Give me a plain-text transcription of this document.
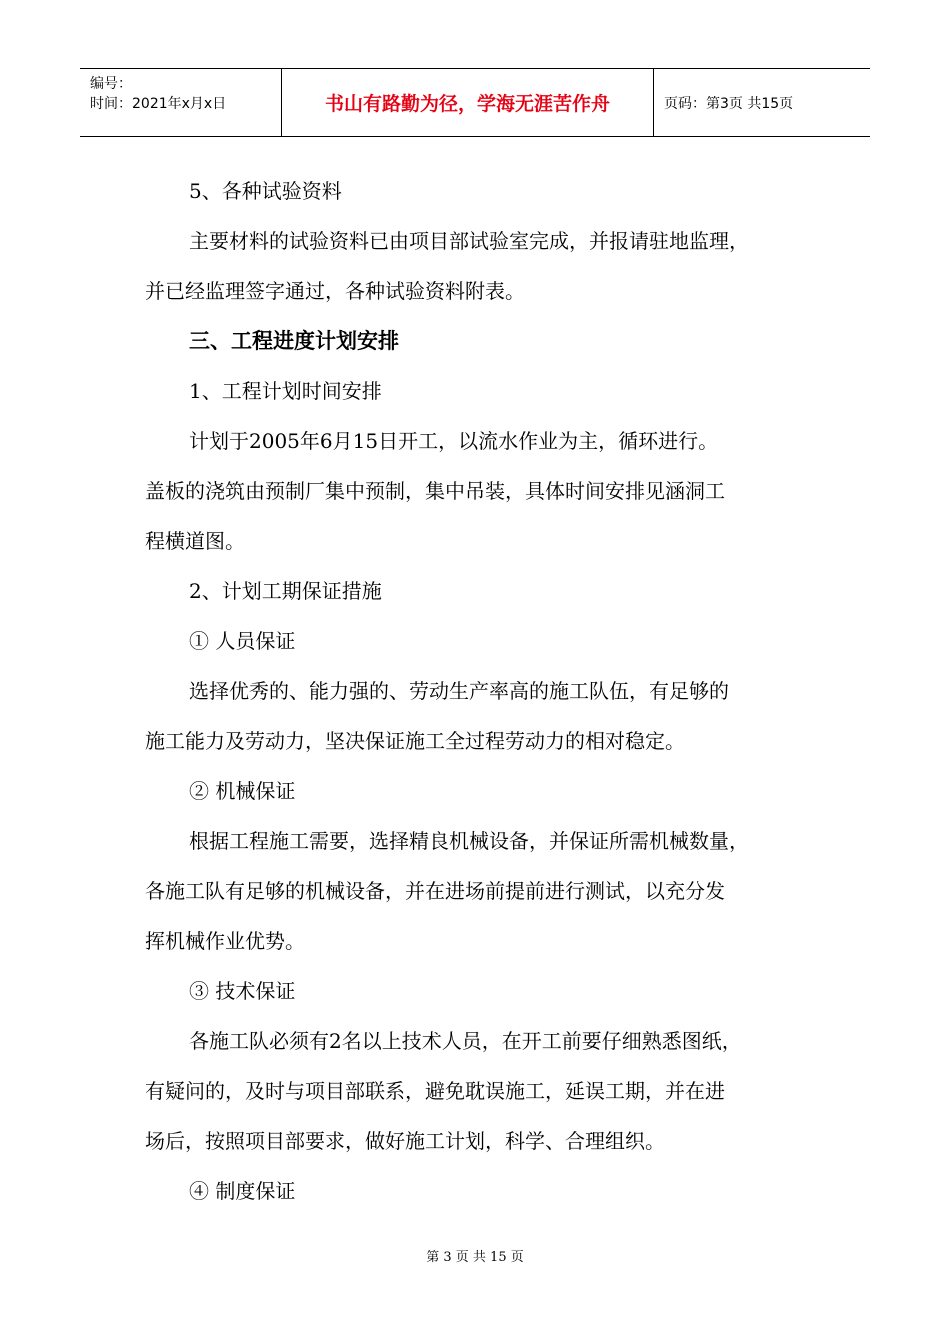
编号：
时间：2021年x月x日	书山有路勤为径，学海无涯苦作舟	页码：第3页 共15页

5、各种试验资料

主要材料的试验资料已由项目部试验室完成，并报请驻地监理，

并已经监理签字通过，各种试验资料附表。

三、工程进度计划安排

1、工程计划时间安排

计划于2005年6月15日开工，以流水作业为主，循环进行。

盖板的浇筑由预制厂集中预制，集中吊装，具体时间安排见涵洞工

程横道图。

2、计划工期保证措施

① 人员保证

选择优秀的、能力强的、劳动生产率高的施工队伍，有足够的

施工能力及劳动力，坚决保证施工全过程劳动力的相对稳定。

② 机械保证

根据工程施工需要，选择精良机械设备，并保证所需机械数量，

各施工队有足够的机械设备，并在进场前提前进行测试，以充分发

挥机械作业优势。

③ 技术保证

各施工队必须有2名以上技术人员，在开工前要仔细熟悉图纸，

有疑问的，及时与项目部联系，避免耽误施工，延误工期，并在进

场后，按照项目部要求，做好施工计划，科学、合理组织。

④ 制度保证

第 3 页 共 15 页
